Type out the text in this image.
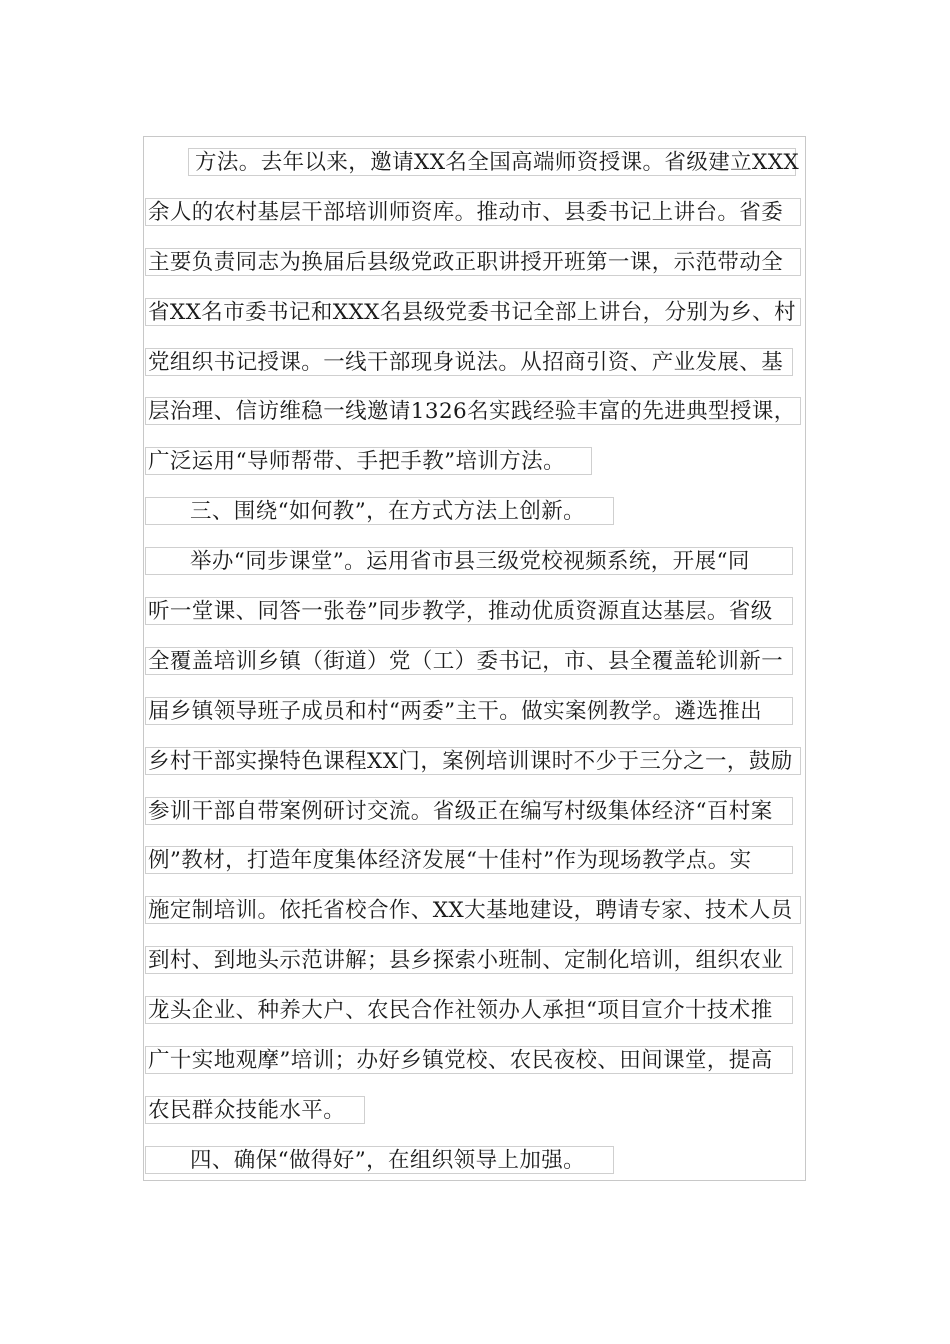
方法。去年以来，邀请XX名全国高端师资授课。省级建立XXX
余人的农村基层干部培训师资库。推动市、县委书记上讲台。省委
主要负责同志为换届后县级党政正职讲授开班第一课，示范带动全
省XX名市委书记和XXX名县级党委书记全部上讲台，分别为乡、村
党组织书记授课。一线干部现身说法。从招商引资、产业发展、基
层治理、信访维稳一线邀请1326名实践经验丰富的先进典型授课，
广泛运用“导师帮带、手把手教”培训方法。
三、围绕“如何教”，在方式方法上创新。
举办“同步课堂”。运用省市县三级党校视频系统，开展“同
听一堂课、同答一张卷”同步教学，推动优质资源直达基层。省级
全覆盖培训乡镇（街道）党（工）委书记，市、县全覆盖轮训新一
届乡镇领导班子成员和村“两委”主干。做实案例教学。遴选推出
乡村干部实操特色课程XX门，案例培训课时不少于三分之一，鼓励
参训干部自带案例研讨交流。省级正在编写村级集体经济“百村案
例”教材，打造年度集体经济发展“十佳村”作为现场教学点。实
施定制培训。依托省校合作、XX大基地建设，聘请专家、技术人员
到村、到地头示范讲解；县乡探索小班制、定制化培训，组织农业
龙头企业、种养大户、农民合作社领办人承担“项目宣介十技术推
广十实地观摩”培训；办好乡镇党校、农民夜校、田间课堂，提高
农民群众技能水平。
四、确保“做得好”，在组织领导上加强。
